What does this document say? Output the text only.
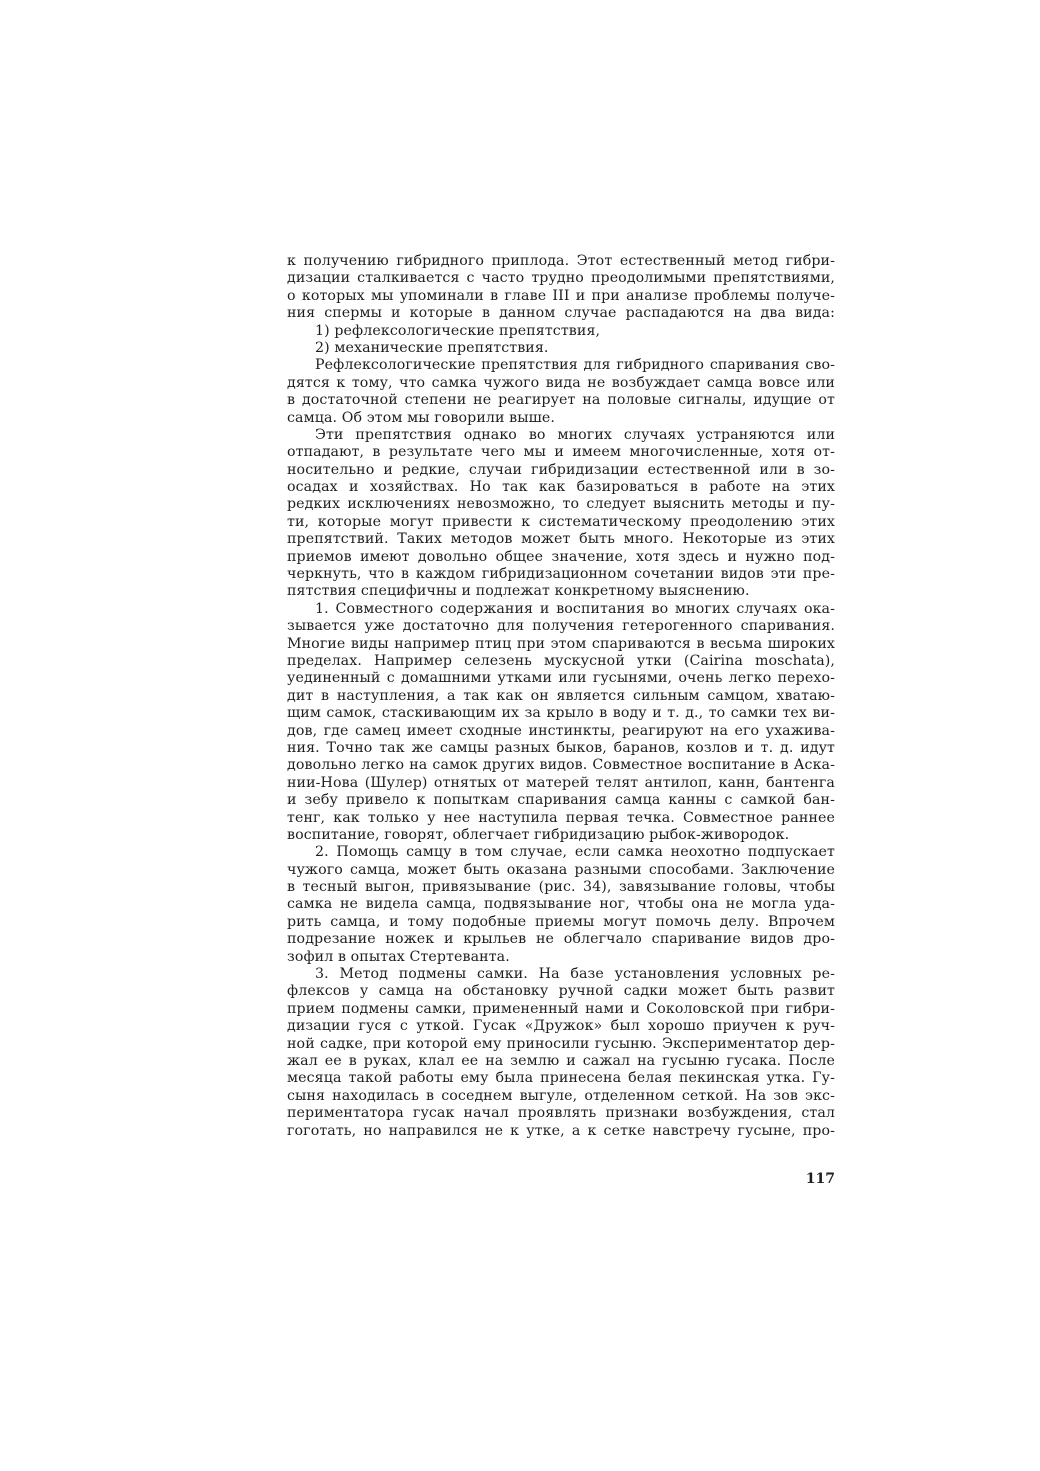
к получению гибридного приплода. Этот естественный метод гибри-
дизации сталкивается с часто трудно преодолимыми препятствиями,
о которых мы упоминали в главе III и при анализе проблемы получе-
ния спермы и которые в данном случае распадаются на два вида:
1) рефлексологические препятствия,
2) механические препятствия.
Рефлексологические препятствия для гибридного спаривания сво-
дятся к тому, что самка чужого вида не возбуждает самца вовсе или
в достаточной степени не реагирует на половые сигналы, идущие от
самца. Об этом мы говорили выше.
Эти препятствия однако во многих случаях устраняются или
отпадают, в результате чего мы и имеем многочисленные, хотя от-
носительно и редкие, случаи гибридизации естественной или в зо-
осадах и хозяйствах. Но так как базироваться в работе на этих
редких исключениях невозможно, то следует выяснить методы и пу-
ти, которые могут привести к систематическому преодолению этих
препятствий. Таких методов может быть много. Некоторые из этих
приемов имеют довольно общее значение, хотя здесь и нужно под-
черкнуть, что в каждом гибридизационном сочетании видов эти пре-
пятствия специфичны и подлежат конкретному выяснению.
1. Совместного содержания и воспитания во многих случаях ока-
зывается уже достаточно для получения гетерогенного спаривания.
Многие виды например птиц при этом спариваются в весьма широких
пределах. Например селезень мускусной утки (Cairina moschata),
уединенный с домашними утками или гусынями, очень легко перехо-
дит в наступления, а так как он является сильным самцом, хватаю-
щим самок, стаскивающим их за крыло в воду и т. д., то самки тех ви-
дов, где самец имеет сходные инстинкты, реагируют на его ухажива-
ния. Точно так же самцы разных быков, баранов, козлов и т. д. идут
довольно легко на самок других видов. Совместное воспитание в Аска-
нии-Нова (Шулер) отнятых от матерей телят антилоп, канн, бантенга
и зебу привело к попыткам спаривания самца канны с самкой бан-
тенг, как только у нее наступила первая течка. Совместное раннее
воспитание, говорят, облегчает гибридизацию рыбок-живородок.
2. Помощь самцу в том случае, если самка неохотно подпускает
чужого самца, может быть оказана разными способами. Заключение
в тесный выгон, привязывание (рис. 34), завязывание головы, чтобы
самка не видела самца, подвязывание ног, чтобы она не могла уда-
рить самца, и тому подобные приемы могут помочь делу. Впрочем
подрезание ножек и крыльев не облегчало спаривание видов дро-
зофил в опытах Стертеванта.
3. Метод подмены самки. На базе установления условных ре-
флексов у самца на обстановку ручной садки может быть развит
прием подмены самки, примененный нами и Соколовской при гибри-
дизации гуся с уткой. Гусак «Дружок» был хорошо приучен к руч-
ной садке, при которой ему приносили гусыню. Экспериментатор дер-
жал ее в руках, клал ее на землю и сажал на гусыню гусака. После
месяца такой работы ему была принесена белая пекинская утка. Гу-
сыня находилась в соседнем выгуле, отделенном сеткой. На зов экс-
периментатора гусак начал проявлять признаки возбуждения, стал
гоготать, но направился не к утке, а к сетке навстречу гусыне, про-
117
